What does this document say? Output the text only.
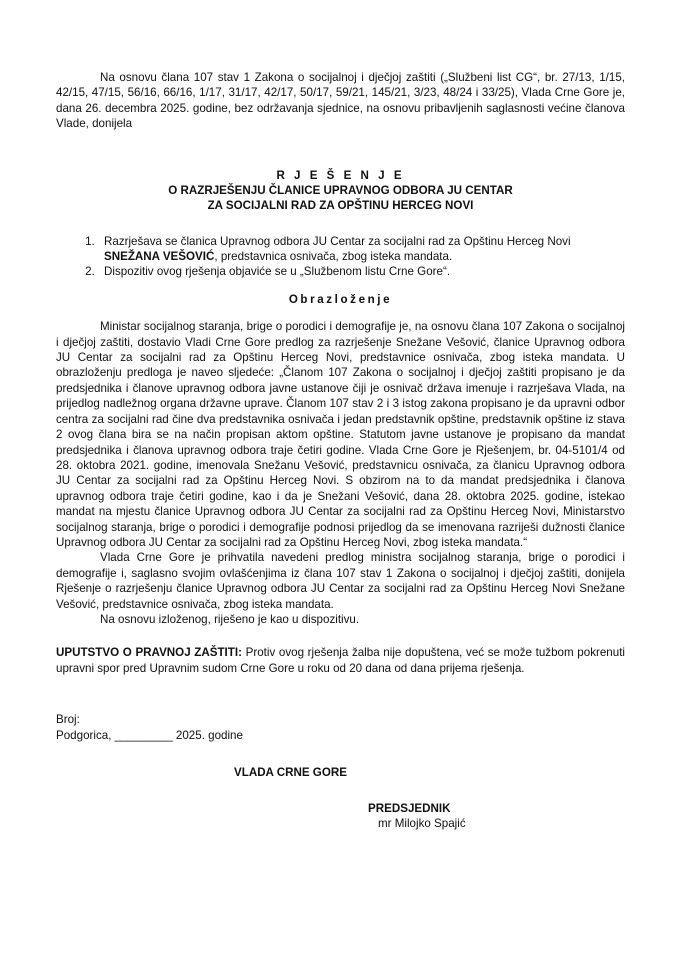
Na osnovu člana 107 stav 1 Zakona o socijalnoj i dječjoj zaštiti („Službeni list CG“, br. 27/13, 1/15, 42/15, 47/15, 56/16, 66/16, 1/17, 31/17, 42/17, 50/17, 59/21, 145/21, 3/23, 48/24 i 33/25), Vlada Crne Gore je, dana 26. decembra 2025. godine, bez održavanja sjednice, na osnovu pribavljenih saglasnosti većine članova Vlade, donijela

R J E Š E N J E
O RAZRJEŠENJU ČLANICE UPRAVNOG ODBORA JU CENTAR
ZA SOCIJALNI RAD ZA OPŠTINU HERCEG NOVI
1. Razrješava se članica Upravnog odbora JU Centar za socijalni rad za Opštinu Herceg Novi SNEŽANA VEŠOVIĆ, predstavnica osnivača, zbog isteka mandata.
2. Dispozitiv ovog rješenja objaviće se u „Službenom listu Crne Gore“.
Obrazloženje

Ministar socijalnog staranja, brige o porodici i demografije je, na osnovu člana 107 Zakona o socijalnoj i dječjoj zaštiti, dostavio Vladi Crne Gore predlog za razrješenje Snežane Vešović, članice Upravnog odbora JU Centar za socijalni rad za Opštinu Herceg Novi, predstavnice osnivača, zbog isteka mandata. U obrazloženju predloga je naveo sljedeće: „Članom 107 Zakona o socijalnoj i dječjoj zaštiti propisano je da predsjednika i članove upravnog odbora javne ustanove čiji je osnivač država imenuje i razrješava Vlada, na prijedlog nadležnog organa državne uprave. Članom 107 stav 2 i 3 istog zakona propisano je da upravni odbor centra za socijalni rad čine dva predstavnika osnivača i jedan predstavnik opštine, predstavnik opštine iz stava 2 ovog člana bira se na način propisan aktom opštine. Statutom javne ustanove je propisano da mandat predsjednika i članova upravnog odbora traje četiri godine. Vlada Crne Gore je Rješenjem, br. 04-5101/4 od 28. oktobra 2021. godine, imenovala Snežanu Vešović, predstavnicu osnivača, za članicu Upravnog odbora JU Centar za socijalni rad za Opštinu Herceg Novi. S obzirom na to da mandat predsjednika i članova upravnog odbora traje četiri godine, kao i da je Snežani Vešović, dana 28. oktobra 2025. godine, istekao mandat na mjestu članice Upravnog odbora JU Centar za socijalni rad za Opštinu Herceg Novi, Ministarstvo socijalnog staranja, brige o porodici i demografije podnosi prijedlog da se imenovana razriješi dužnosti članice Upravnog odbora JU Centar za socijalni rad za Opštinu Herceg Novi, zbog isteka mandata.“

Vlada Crne Gore je prihvatila navedeni predlog ministra socijalnog staranja, brige o porodici i demografije i, saglasno svojim ovlašćenjima iz člana 107 stav 1 Zakona o socijalnoj i dječjoj zaštiti, donijela Rješenje o razrješenju članice Upravnog odbora JU Centar za socijalni rad za Opštinu Herceg Novi Snežane Vešović, predstavnice osnivača, zbog isteka mandata.

Na osnovu izloženog, riješeno je kao u dispozitivu.

UPUTSTVO O PRAVNOJ ZAŠTITI: Protiv ovog rješenja žalba nije dopuštena, već se može tužbom pokrenuti upravni spor pred Upravnim sudom Crne Gore u roku od 20 dana od dana prijema rješenja.

Broj:
Podgorica, _________ 2025. godine
VLADA CRNE GORE
PREDSJEDNIK
mr Milojko Spajić
